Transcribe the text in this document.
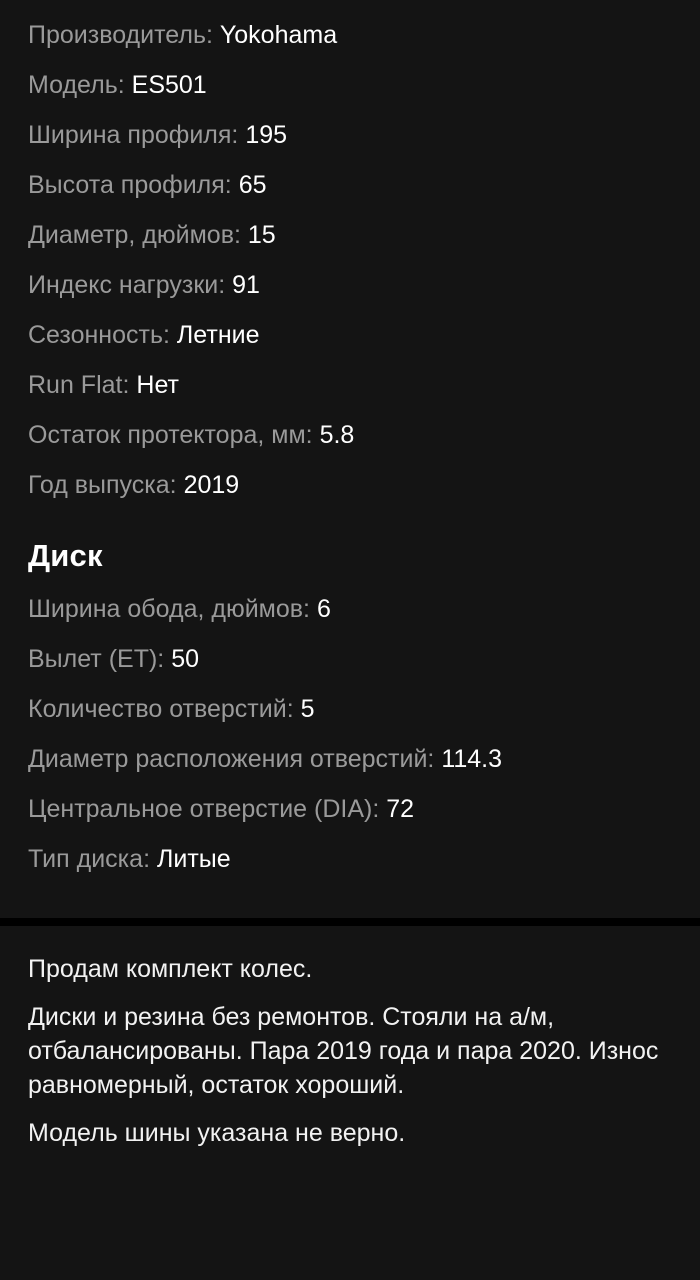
Производитель: Yokohama
Модель: ES501
Ширина профиля: 195
Высота профиля: 65
Диаметр, дюймов: 15
Индекс нагрузки: 91
Сезонность: Летние
Run Flat: Нет
Остаток протектора, мм: 5.8
Год выпуска: 2019
Диск
Ширина обода, дюймов: 6
Вылет (ET): 50
Количество отверстий: 5
Диаметр расположения отверстий: 114.3
Центральное отверстие (DIA): 72
Тип диска: Литые

Продам комплект колес.

Диски и резина без ремонтов. Стояли на а/м, отбалансированы. Пара 2019 года и пара 2020. Износ равномерный, остаток хороший.

Модель шины указана не верно.
